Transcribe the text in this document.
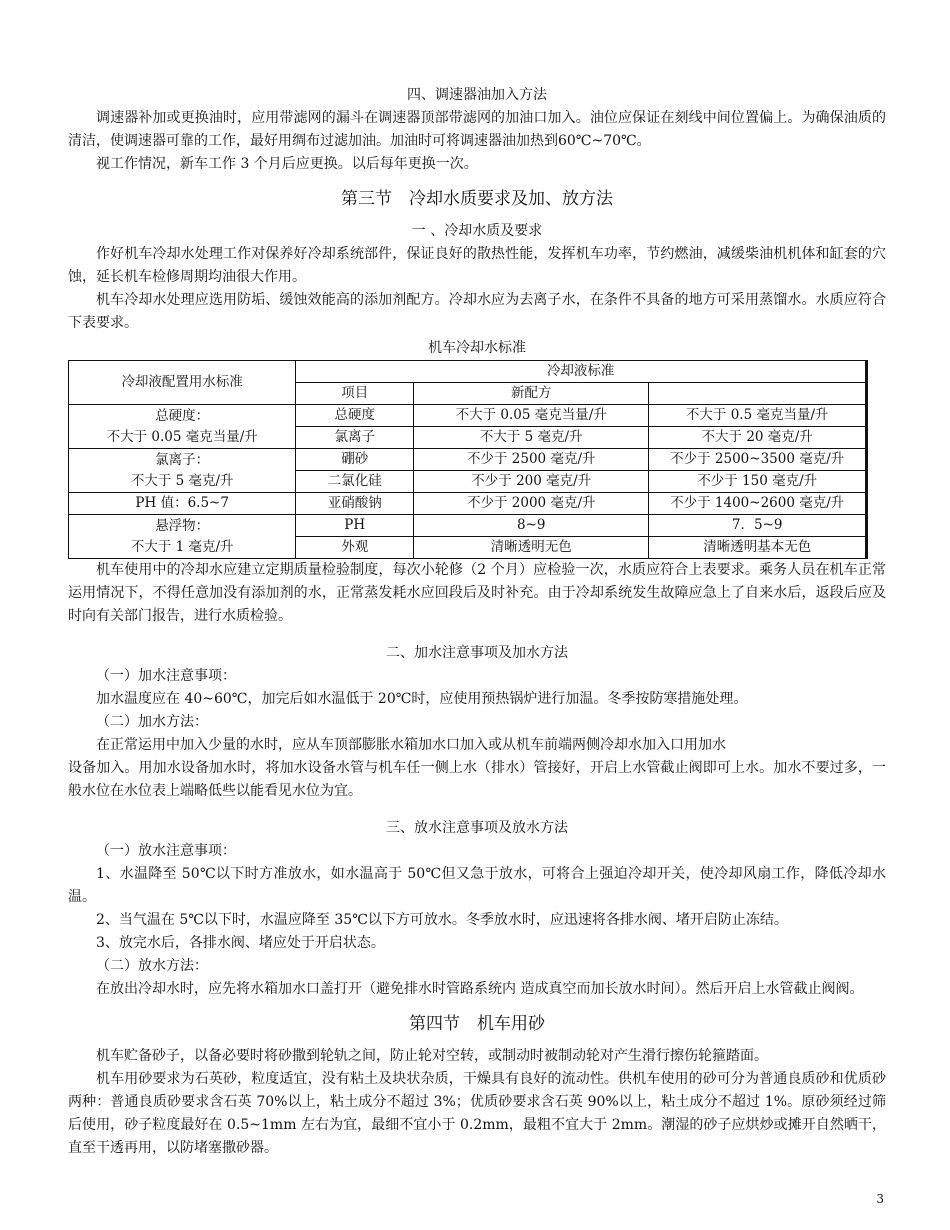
四、调速器油加入方法

调速器补加或更换油时，应用带滤网的漏斗在调速器顶部带滤网的加油口加入。油位应保证在刻线中间位置偏上。为确保油质的清洁，使调速器可靠的工作，最好用绸布过滤加油。加油时可将调速器油加热到60℃~70℃。

视工作情况，新车工作 3 个月后应更换。以后每年更换一次。

第三节　冷却水质要求及加、放方法

一 、冷却水质及要求

作好机车冷却水处理工作对保养好冷却系统部件，保证良好的散热性能，发挥机车功率，节约燃油，减缓柴油机机体和缸套的穴蚀，延长机车检修周期均油很大作用。

机车冷却水处理应选用防垢、缓蚀效能高的添加剂配方。冷却水应为去离子水，在条件不具备的地方可采用蒸馏水。水质应符合下表要求。

机车冷却水标准

冷却液配置用水标准	冷却液标准		
	项目	新配方	

总硬度：
不大于 0.05 毫克当量/升	总硬度	不大于 0.05 毫克当量/升	不大于 0.5 毫克当量/升
	氯离子	不大于 5 毫克/升	不大于 20 毫克/升

氯离子：
不大于 5 毫克/升	硼砂	不少于 2500 毫克/升	不少于 2500~3500 毫克/升
	二氯化硅	不少于 200 毫克/升	不少于 150 毫克/升
PH 值：6.5~7	亚硝酸钠	不少于 2000 毫克/升	不少于 1400~2600 毫克/升

悬浮物：
不大于 1 毫克/升	PH	8~9	7．5~9
	外观	清晰透明无色	清晰透明基本无色

机车使用中的冷却水应建立定期质量检验制度，每次小轮修（2 个月）应检验一次，水质应符合上表要求。乘务人员在机车正常运用情况下，不得任意加没有添加剂的水，正常蒸发耗水应回段后及时补充。由于冷却系统发生故障应急上了自来水后，返段后应及时向有关部门报告，进行水质检验。

二、加水注意事项及加水方法

（一）加水注意事项：

加水温度应在 40~60℃，加完后如水温低于 20℃时，应使用预热锅炉进行加温。冬季按防寒措施处理。

（二）加水方法：

在正常运用中加入少量的水时，应从车顶部膨胀水箱加水口加入或从机车前端两侧冷却水加入口用加水

设备加入。用加水设备加水时，将加水设备水管与机车任一侧上水（排水）管接好，开启上水管截止阀即可上水。加水不要过多，一般水位在水位表上端略低些以能看见水位为宜。

三、放水注意事项及放水方法

（一）放水注意事项：

1、水温降至 50℃以下时方准放水，如水温高于 50℃但又急于放水，可将合上强迫冷却开关，使冷却风扇工作，降低冷却水温。

2、当气温在 5℃以下时，水温应降至 35℃以下方可放水。冬季放水时，应迅速将各排水阀、堵开启防止冻结。

3、放完水后，各排水阀、堵应处于开启状态。

（二）放水方法：

在放出冷却水时，应先将水箱加水口盖打开（避免排水时管路系统内 造成真空而加长放水时间）。然后开启上水管截止阀阀。

第四节　机车用砂

机车贮备砂子，以备必要时将砂撒到轮轨之间，防止轮对空转，或制动时被制动轮对产生滑行擦伤轮箍踏面。

机车用砂要求为石英砂，粒度适宜，没有粘土及块状杂质，干燥具有良好的流动性。供机车使用的砂可分为普通良质砂和优质砂两种：普通良质砂要求含石英 70%以上，粘土成分不超过 3%；优质砂要求含石英 90%以上，粘土成分不超过 1%。原砂须经过筛后使用，砂子粒度最好在 0.5~1mm 左右为宜，最细不宜小于 0.2mm，最粗不宜大于 2mm。潮湿的砂子应烘炒或摊开自然晒干，直至干透再用，以防堵塞撒砂器。

3
